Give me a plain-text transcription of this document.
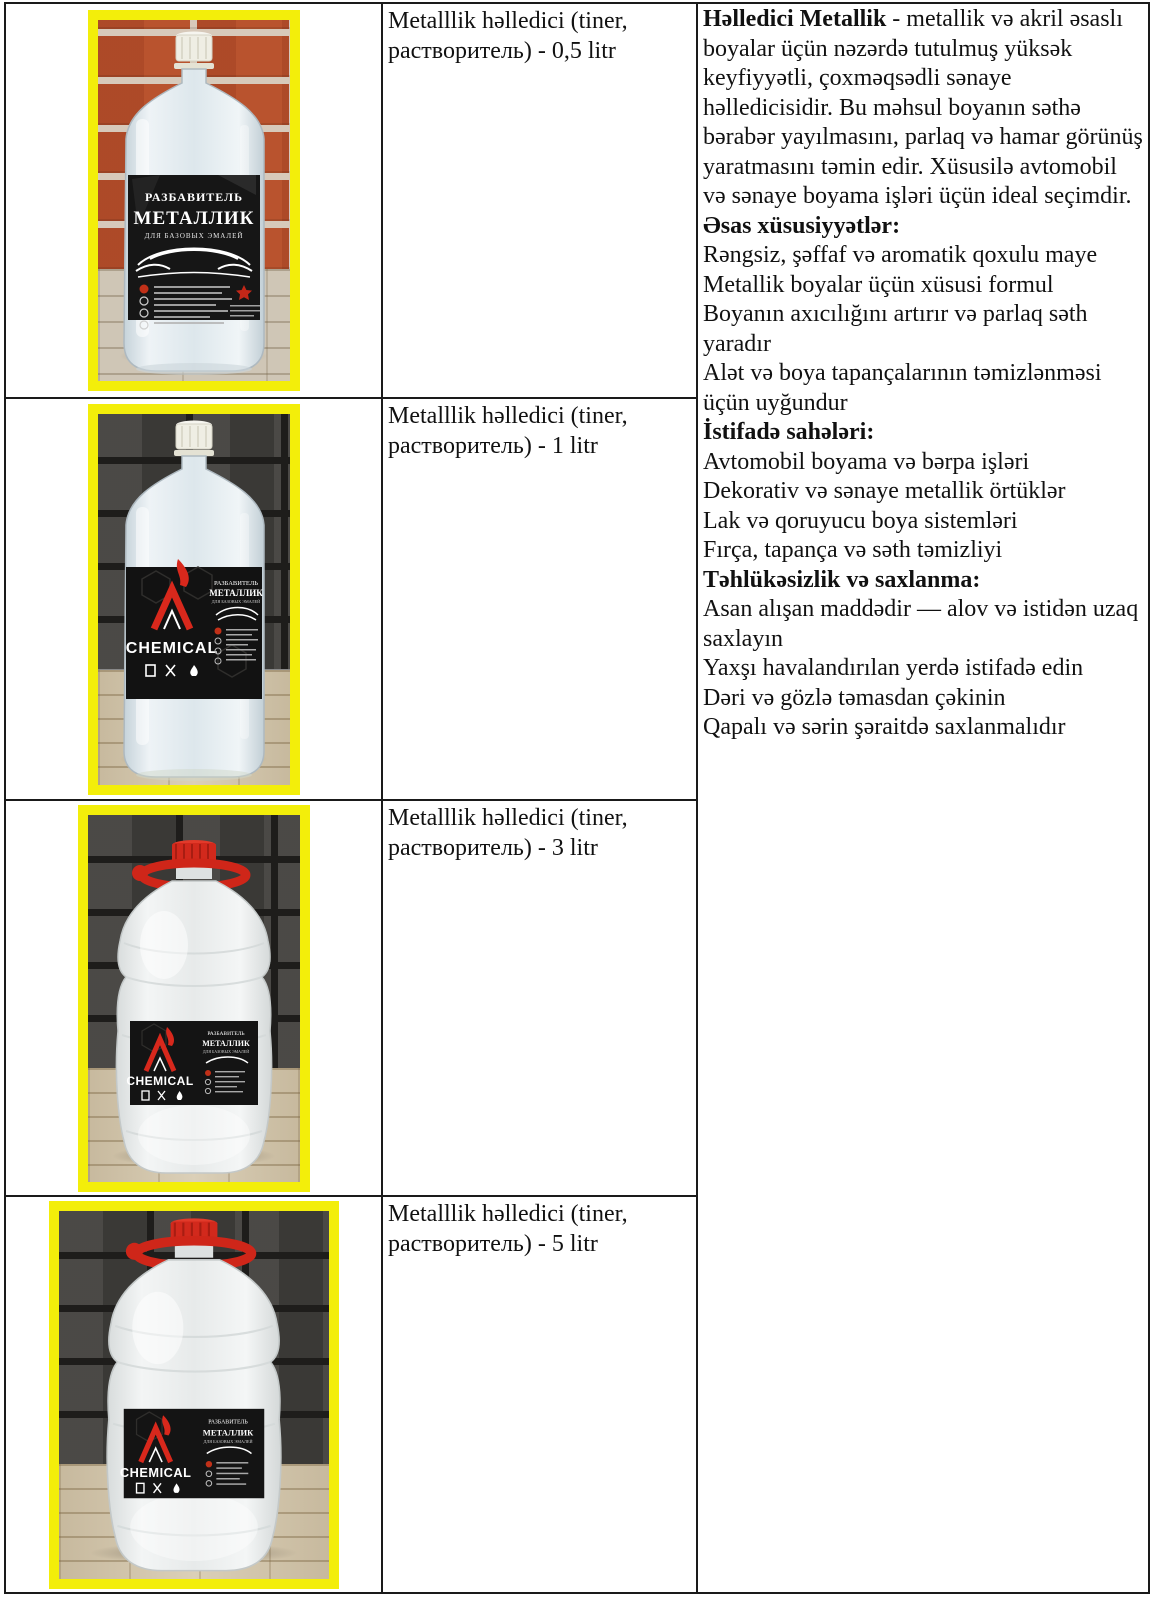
РАЗБАВИТЕЛЬ
МЕТАЛЛИК
ДЛЯ БАЗОВЫХ ЭМАЛЕЙ
Metalllik həlledici (tiner, растворитель) - 0,5 litr
Həlledici Metallik - metallik və akril əsaslı boyalar üçün nəzərdə tutulmuş yüksək keyfiyyətli, çoxməqsədli sənaye həlledicisidir. Bu məhsul boyanın səthə bərabər yayılmasını, parlaq və hamar görünüş yaratmasını təmin edir. Xüsusilə avtomobil və sənaye boyama işləri üçün ideal seçimdir.
Əsas xüsusiyyətlər:
Rəngsiz, şəffaf və aromatik qoxulu maye
Metallik boyalar üçün xüsusi formul
Boyanın axıcılığını artırır və parlaq səth yaradır
Alət və boya tapançalarının təmizlənməsi üçün uyğundur
İstifadə sahələri:
Avtomobil boyama və bərpa işləri
Dekorativ və sənaye metallik örtüklər
Lak və qoruyucu boya sistemləri
Fırça, tapança və səth təmizliyi
Təhlükəsizlik və saxlanma:
Asan alışan maddədir — alov və istidən uzaq saxlayın
Yaxşı havalandırılan yerdə istifadə edin
Dəri və gözlə təmasdan çəkinin
Qapalı və sərin şəraitdə saxlanmalıdır
CHEMICAL
РАЗБАВИТЕЛЬ
МЕТАЛЛИК
ДЛЯ БАЗОВЫХ ЭМАЛЕЙ
Metalllik həlledici (tiner, растворитель) - 1 litr
CHEMICAL
РАЗБАВИТЕЛЬ
МЕТАЛЛИК
ДЛЯ БАЗОВЫХ ЭМАЛЕЙ
Metalllik həlledici (tiner, растворитель) - 3 litr
CHEMICAL
РАЗБАВИТЕЛЬ
МЕТАЛЛИК
ДЛЯ БАЗОВЫХ ЭМАЛЕЙ
Metalllik həlledici (tiner, растворитель) - 5 litr
